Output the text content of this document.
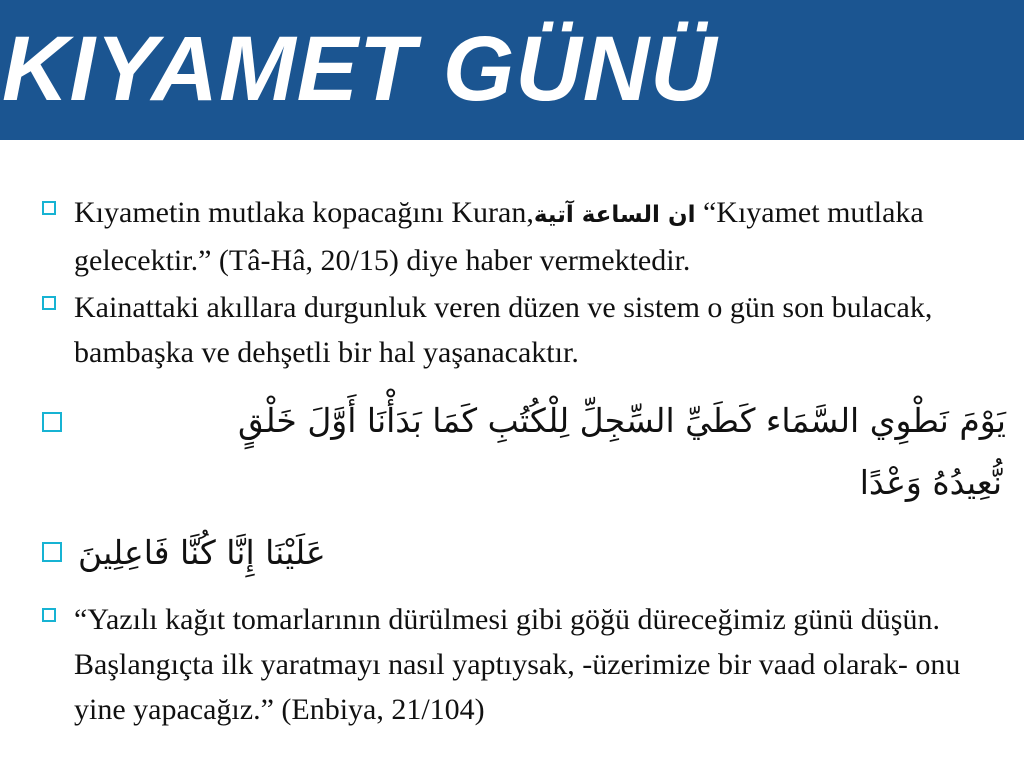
KIYAMET GÜNÜ
Kıyametin mutlaka kopacağını Kuran,ان الساعة آتية “Kıyamet mutlaka gelecektir.” (Tâ-Hâ, 20/15) diye haber vermektedir.
Kainattaki akıllara durgunluk veren düzen ve sistem o gün son bulacak, bambaşka ve dehşetli bir hal yaşanacaktır.
يَوْمَ نَطْوِي السَّمَاء كَطَيِّ السِّجِلِّ لِلْكُتُبِ كَمَا بَدَأْنَا أَوَّلَ خَلْقٍ
نُّعِيدُهُ وَعْدًا
عَلَيْنَا إِنَّا كُنَّا فَاعِلِينَ
“Yazılı kağıt tomarlarının dürülmesi gibi göğü düreceğimiz günü düşün. Başlangıçta ilk yaratmayı nasıl yaptıysak, -üzerimize bir vaad olarak- onu yine yapacağız.” (Enbiya, 21/104)
